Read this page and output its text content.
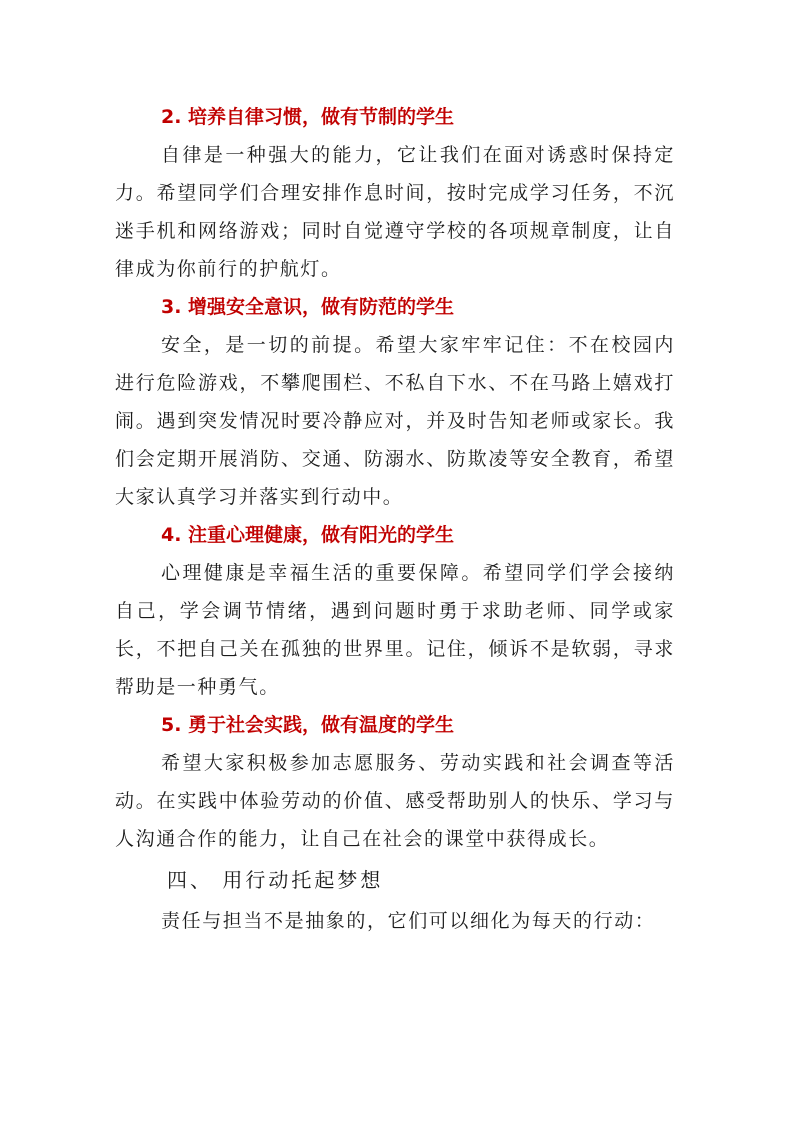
2. 培养自律习惯，做有节制的学生

自律是一种强大的能力，它让我们在面对诱惑时保持定力。希望同学们合理安排作息时间，按时完成学习任务，不沉迷手机和网络游戏；同时自觉遵守学校的各项规章制度，让自律成为你前行的护航灯。

3. 增强安全意识，做有防范的学生

安全，是一切的前提。希望大家牢牢记住：不在校园内进行危险游戏，不攀爬围栏、不私自下水、不在马路上嬉戏打闹。遇到突发情况时要冷静应对，并及时告知老师或家长。我们会定期开展消防、交通、防溺水、防欺凌等安全教育，希望大家认真学习并落实到行动中。

4. 注重心理健康，做有阳光的学生

心理健康是幸福生活的重要保障。希望同学们学会接纳自己，学会调节情绪，遇到问题时勇于求助老师、同学或家长，不把自己关在孤独的世界里。记住，倾诉不是软弱，寻求帮助是一种勇气。

5. 勇于社会实践，做有温度的学生

希望大家积极参加志愿服务、劳动实践和社会调查等活动。在实践中体验劳动的价值、感受帮助别人的快乐、学习与人沟通合作的能力，让自己在社会的课堂中获得成长。

四、 用行动托起梦想

责任与担当不是抽象的，它们可以细化为每天的行动：
